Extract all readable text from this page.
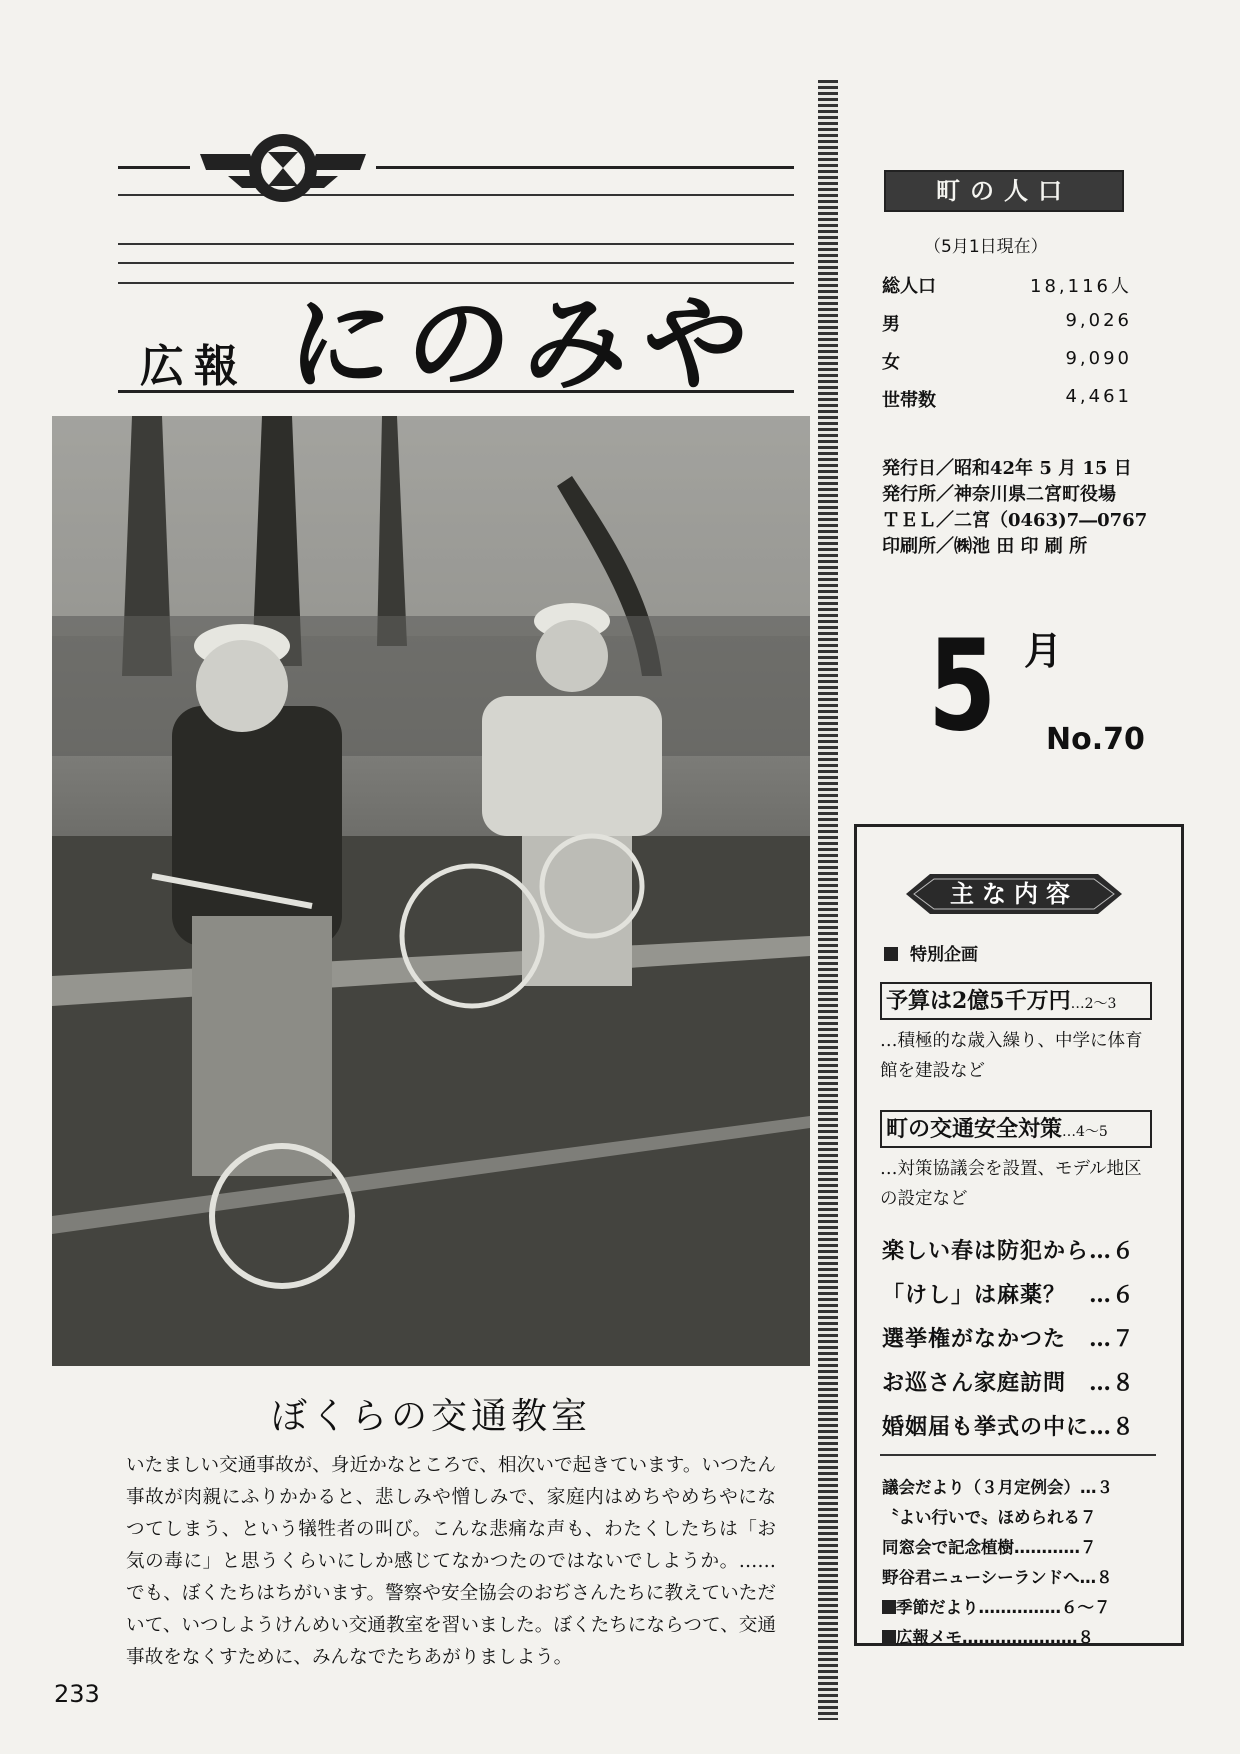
広報 にのみや
ぼくらの交通教室
いたましい交通事故が、身近かなところで、相次いで起きています。いつたん事故が肉親にふりかかると、悲しみや憎しみで、家庭内はめちやめちやになつてしまう、という犠牲者の叫び。こんな悲痛な声も、わたくしたちは「お気の毒に」と思うくらいにしか感じてなかつたのではないでしようか。……でも、ぼくたちはちがいます。警察や安全協会のおぢさんたちに教えていただいて、いつしようけんめい交通教室を習いました。ぼくたちにならつて、交通事故をなくすために、みんなでたちあがりましよう。
233
町の人口
（5月1日現在）
総人口	18,116人
男	9,026
女	9,090
世帯数	4,461
発行日／昭和42年 5 月 15 日
発行所／神奈川県二宮町役場
ＴＥＬ／二宮（0463)7―0767
印刷所／㈱池 田 印 刷 所
5 月
No.70
主な内容
特別企画
予算は2億5千万円…2～3
…積極的な歳入繰り、中学に体育館を建設など
町の交通安全対策…4～5
…対策協議会を設置、モデル地区の設定など
楽しい春は防犯から…６
「けし」は麻薬？　…６
選挙権がなかつた　…７
お巡さん家庭訪問　…８
婚姻届も挙式の中に…８
議会だより（３月定例会）…３
〝よい行いで〟ほめられる７
同窓会で記念植樹…………７
野谷君ニューシーランドへ…８
季節だより……………６～７
広報メモ…………………８
